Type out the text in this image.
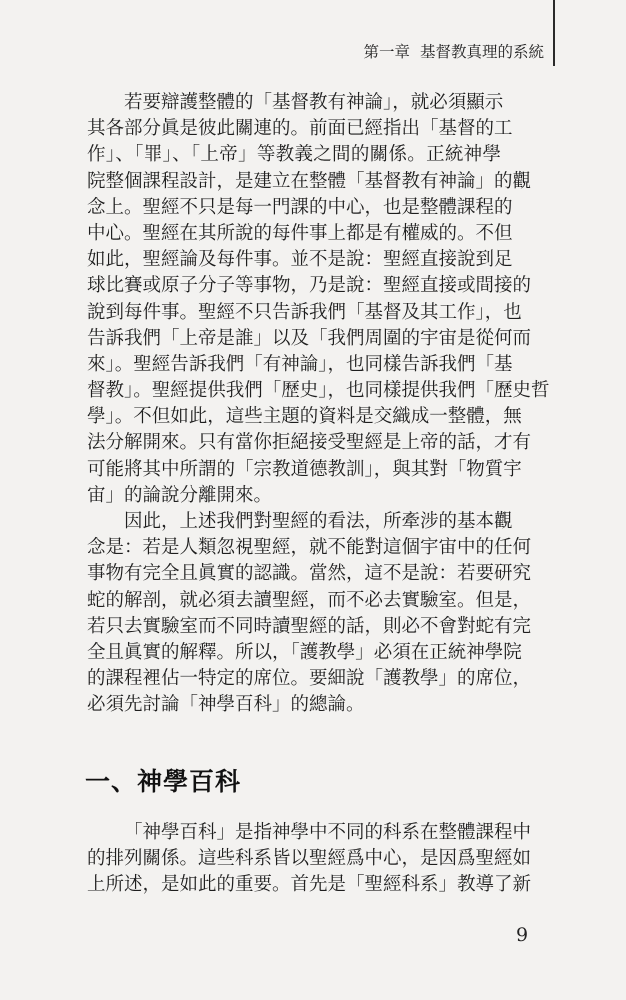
第一章 基督教真理的系統

若要辯護整體的「基督教有神論」，就必須顯示
其各部分眞是彼此關連的。前面已經指出「基督的工
作」、「罪」、「上帝」等教義之間的關係。正統神學
院整個課程設計，是建立在整體「基督教有神論」的觀
念上。聖經不只是每一門課的中心，也是整體課程的
中心。聖經在其所說的每件事上都是有權威的。不但
如此，聖經論及每件事。並不是說：聖經直接說到足
球比賽或原子分子等事物，乃是說：聖經直接或間接的
說到每件事。聖經不只告訴我們「基督及其工作」，也
告訴我們「上帝是誰」以及「我們周圍的宇宙是從何而
來」。聖經告訴我們「有神論」，也同樣告訴我們「基
督教」。聖經提供我們「歷史」，也同樣提供我們「歷史哲
學」。不但如此，這些主題的資料是交織成一整體，無
法分解開來。只有當你拒絕接受聖經是上帝的話，才有
可能將其中所謂的「宗教道德教訓」，與其對「物質宇
宙」的論說分離開來。

因此，上述我們對聖經的看法，所牽涉的基本觀
念是：若是人類忽視聖經，就不能對這個宇宙中的任何
事物有完全且眞實的認識。當然，這不是說：若要研究
蛇的解剖，就必須去讀聖經，而不必去實驗室。但是，
若只去實驗室而不同時讀聖經的話，則必不會對蛇有完
全且眞實的解釋。所以，「護教學」必須在正統神學院
的課程裡佔一特定的席位。要細說「護教學」的席位，
必須先討論「神學百科」的總論。

一、神學百科

「神學百科」是指神學中不同的科系在整體課程中
的排列關係。這些科系皆以聖經爲中心，是因爲聖經如
上所述，是如此的重要。首先是「聖經科系」教導了新

9
